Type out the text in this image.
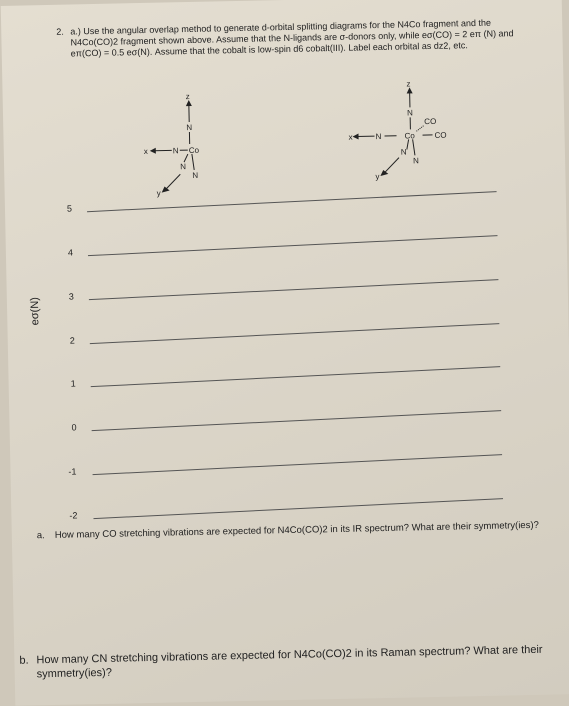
2. a.) Use the angular overlap method to generate d-orbital splitting diagrams for the N4Co fragment and the N4Co(CO)2 fragment shown above. Assume that the N-ligands are σ-donors only, while eσ(CO) = 2 eπ (N) and eπ(CO) = 0.5 eσ(N). Assume that the cobalt is low-spin d6 cobalt(III). Label each orbital as dz2, etc.
z
N
x	N Co
N
N
y
z
N
CO
x	N	Co CO
N
N
y
eσ(N)
5
4
3
2
1
0
-1
-2
a. How many CO stretching vibrations are expected for N4Co(CO)2 in its IR spectrum? What are their symmetry(ies)?
b. How many CN stretching vibrations are expected for N4Co(CO)2 in its Raman spectrum? What are their symmetry(ies)?
